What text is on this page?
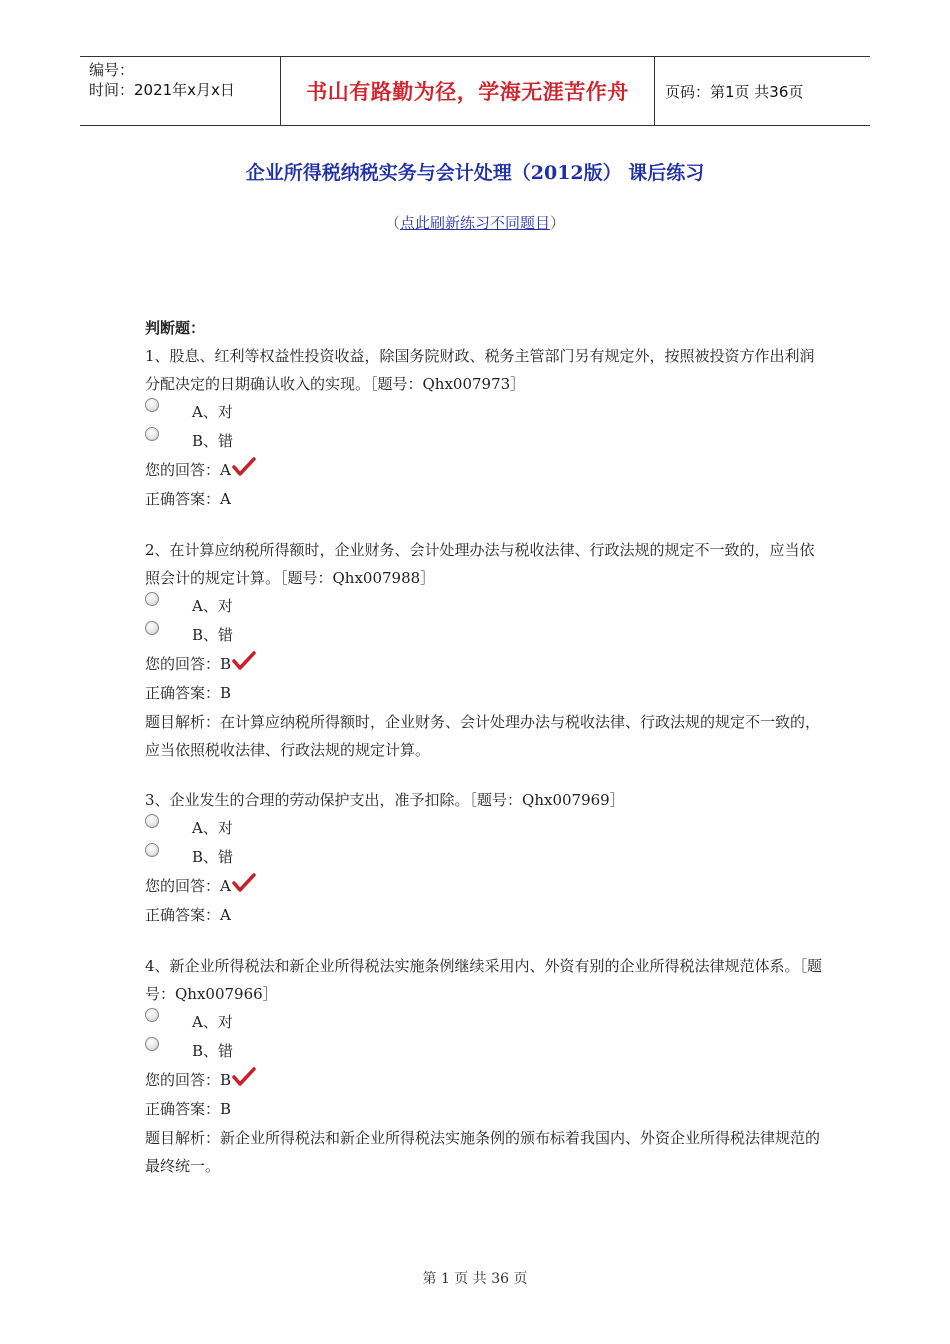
编号：
时间：2021年x月x日	书山有路勤为径，学海无涯苦作舟	页码：第1页 共36页
企业所得税纳税实务与会计处理（2012版） 课后练习
（点此刷新练习不同题目）

判断题：

1、股息、红利等权益性投资收益，除国务院财政、税务主管部门另有规定外，按照被投资方作出利润分配决定的日期确认收入的实现。［题号：Qhx007973］

A、对
B、错
您的回答：A
正确答案：A

2、在计算应纳税所得额时，企业财务、会计处理办法与税收法律、行政法规的规定不一致的，应当依照会计的规定计算。［题号：Qhx007988］

A、对
B、错
您的回答：B
正确答案：B

题目解析：在计算应纳税所得额时，企业财务、会计处理办法与税收法律、行政法规的规定不一致的，应当依照税收法律、行政法规的规定计算。

3、企业发生的合理的劳动保护支出，准予扣除。［题号：Qhx007969］

A、对
B、错
您的回答：A
正确答案：A

4、新企业所得税法和新企业所得税法实施条例继续采用内、外资有别的企业所得税法律规范体系。［题号：Qhx007966］

A、对
B、错
您的回答：B
正确答案：B

题目解析：新企业所得税法和新企业所得税法实施条例的颁布标着我国内、外资企业所得税法律规范的最终统一。

第 1 页 共 36 页
